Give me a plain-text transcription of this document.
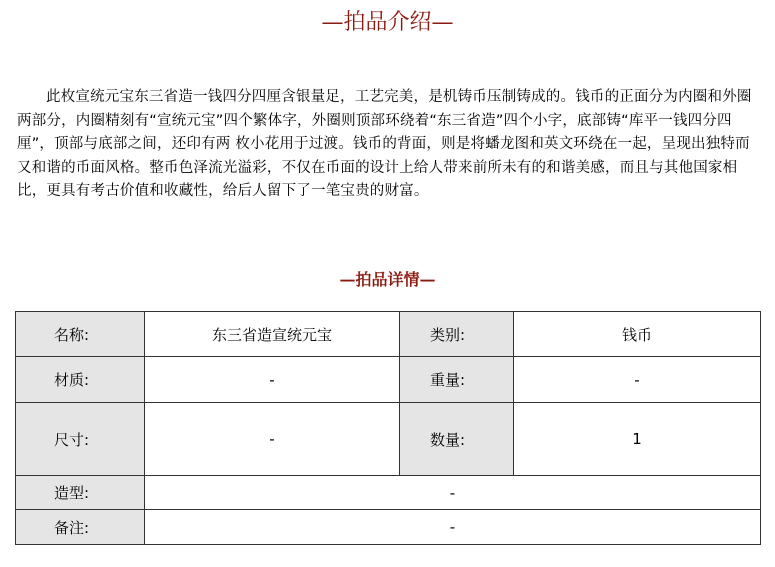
—拍品介绍—

此枚宣统元宝东三省造一钱四分四厘含银量足，工艺完美，是机铸币压制铸成的。钱币的正面分为内圈和外圈两部分，内圈精刻有“宣统元宝”四个繁体字，外圈则顶部环绕着“东三省造”四个小字，底部铸“库平一钱四分四厘”，顶部与底部之间，还印有两 枚小花用于过渡。钱币的背面，则是将蟠龙图和英文环绕在一起，呈现出独特而又和谐的币面风格。整币色泽流光溢彩，不仅在币面的设计上给人带来前所未有的和谐美感，而且与其他国家相比，更具有考古价值和收藏性，给后人留下了一笔宝贵的财富。

—拍品详情—
名称:	东三省造宣统元宝	类别:	钱币
材质:	-	重量:	-
尺寸:	-	数量:	1
造型:	-		
备注:	-		
